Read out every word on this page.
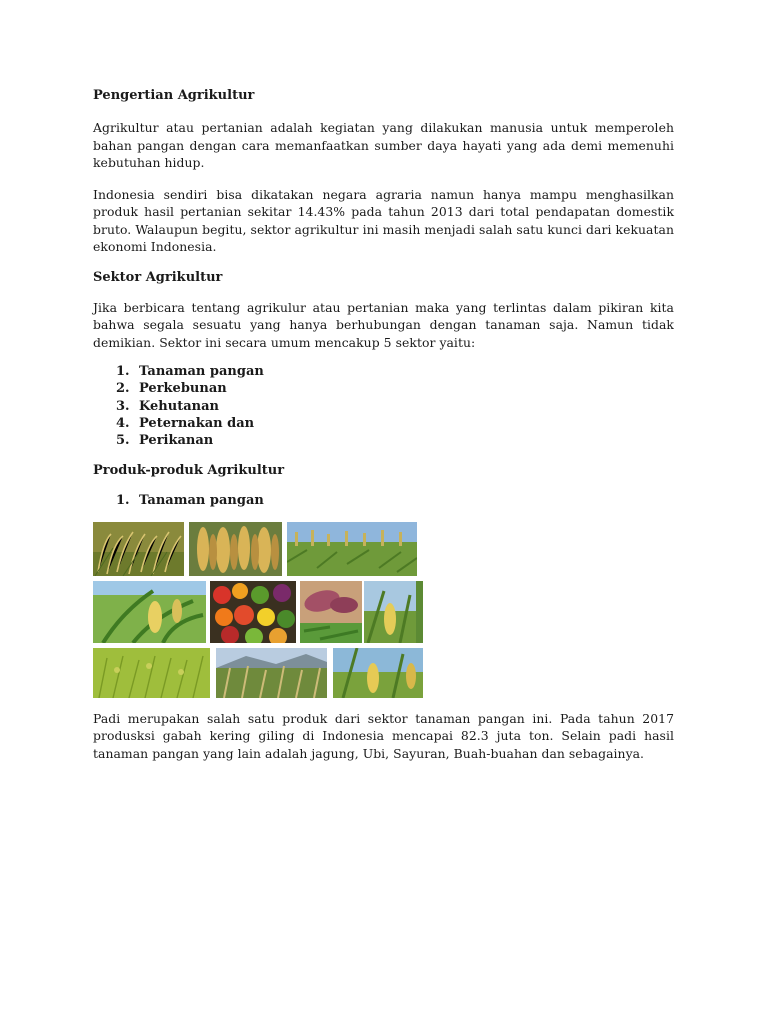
Pengertian Agrikultur

Agrikultur atau pertanian adalah kegiatan yang dilakukan manusia untuk memperoleh bahan pangan dengan cara memanfaatkan sumber daya hayati yang ada demi memenuhi kebutuhan hidup.

Indonesia sendiri bisa dikatakan negara agraria namun hanya mampu menghasilkan produk hasil pertanian sekitar 14.43% pada tahun 2013 dari total pendapatan domestik bruto. Walaupun begitu, sektor agrikultur ini masih menjadi salah satu kunci dari kekuatan ekonomi Indonesia.

Sektor Agrikultur

Jika berbicara tentang agrikulur atau pertanian maka yang terlintas dalam pikiran kita bahwa segala sesuatu yang hanya berhubungan dengan tanaman saja. Namun tidak demikian. Sektor ini secara umum mencakup 5 sektor yaitu:

1. Tanaman pangan
2. Perkebunan
3. Kehutanan
4. Peternakan dan
5. Perikanan
Produk-produk Agrikultur
1. Tanaman pangan

Padi merupakan salah satu produk dari sektor tanaman pangan ini. Pada tahun 2017 produsksi gabah kering giling di Indonesia mencapai 82.3 juta ton. Selain padi hasil tanaman pangan yang lain adalah jagung, Ubi, Sayuran, Buah-buahan dan sebagainya.
